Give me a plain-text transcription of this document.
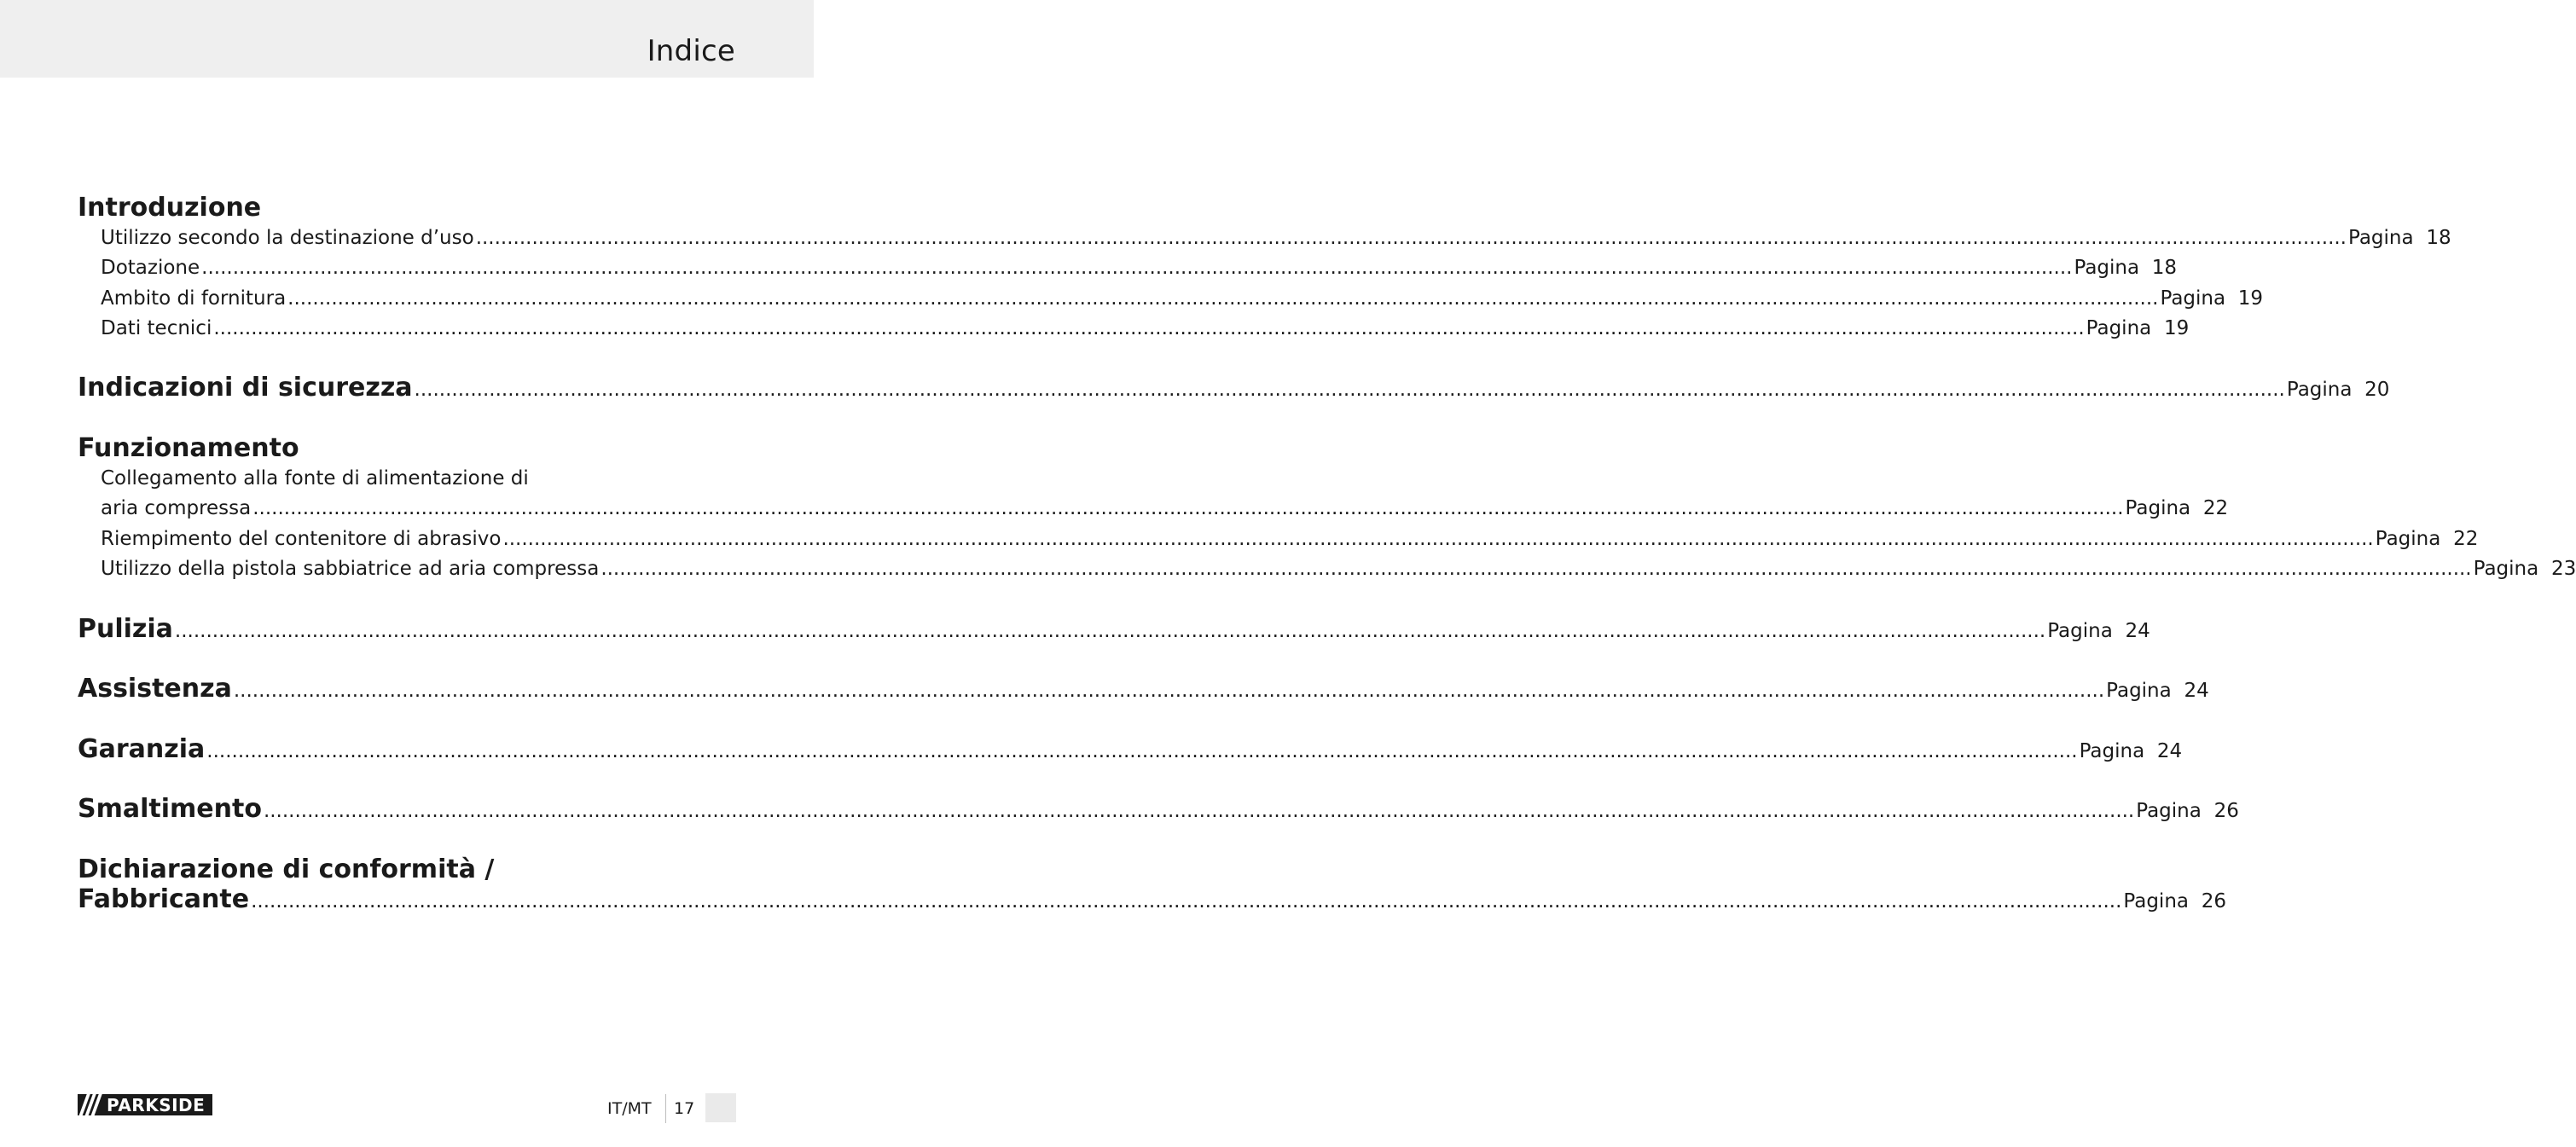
Indice
Introduzione
Utilizzo secondo la destinazione d’uso ............................................................................................................................................................................................................................................................................................................ Pagina 18
Dotazione ............................................................................................................................................................................................................................................................................................................ Pagina 18
Ambito di fornitura ............................................................................................................................................................................................................................................................................................................ Pagina 19
Dati tecnici ............................................................................................................................................................................................................................................................................................................ Pagina 19
Indicazioni di sicurezza ............................................................................................................................................................................................................................................................................................................ Pagina 20
Funzionamento
Collegamento alla fonte di alimentazione di
aria compressa ............................................................................................................................................................................................................................................................................................................ Pagina 22
Riempimento del contenitore di abrasivo ............................................................................................................................................................................................................................................................................................................ Pagina 22
Utilizzo della pistola sabbiatrice ad aria compressa ............................................................................................................................................................................................................................................................................................................ Pagina 23
Pulizia ............................................................................................................................................................................................................................................................................................................ Pagina 24
Assistenza ............................................................................................................................................................................................................................................................................................................ Pagina 24
Garanzia ............................................................................................................................................................................................................................................................................................................ Pagina 24
Smaltimento ............................................................................................................................................................................................................................................................................................................ Pagina 26
Dichiarazione di conformità /
Fabbricante ............................................................................................................................................................................................................................................................................................................ Pagina 26
PARKSIDE	IT/MT 17
